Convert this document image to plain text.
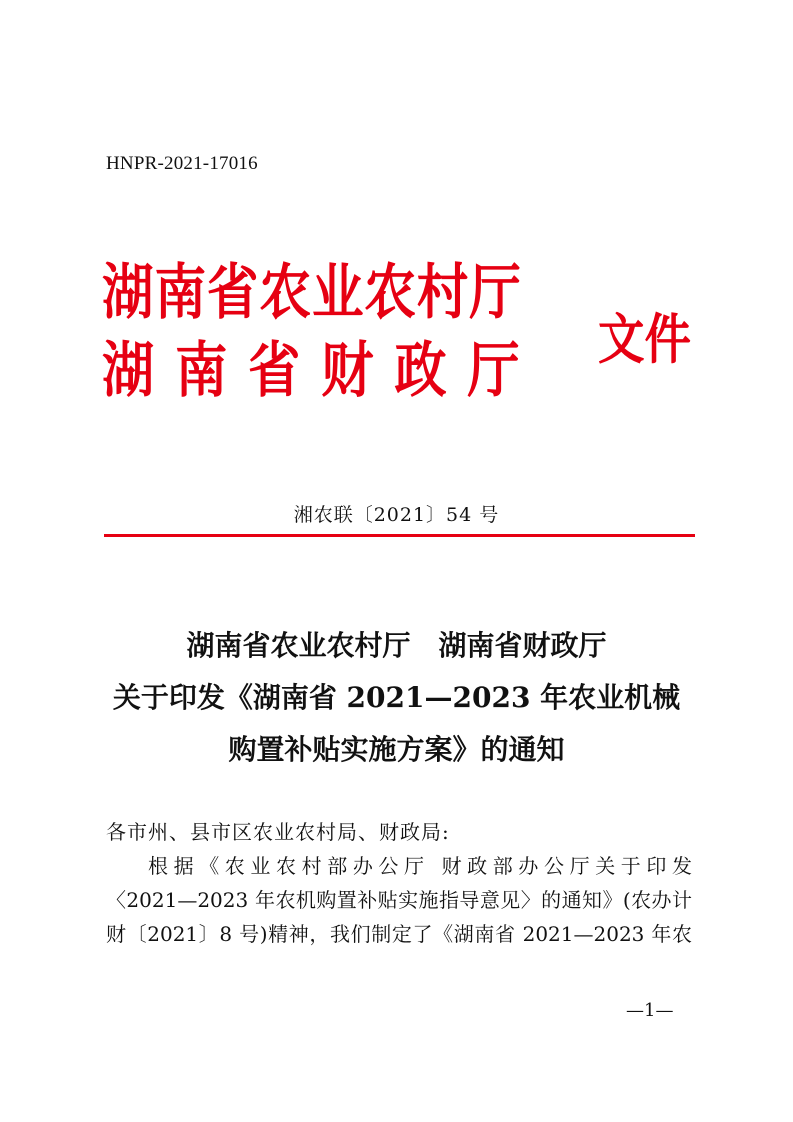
HNPR-2021-17016
湖南省农业农村厅
湖南省财政厅 文件
湘农联〔2021〕54 号
湖南省农业农村厅　湖南省财政厅
关于印发《湖南省 2021—2023 年农业机械
购置补贴实施方案》的通知
各市州、县市区农业农村局、财政局:
根据《农业农村部办公厅 财政部办公厅关于印发
〈2021—2023 年农机购置补贴实施指导意见〉的通知》(农办计
财〔2021〕8 号)精神，我们制定了《湖南省 2021—2023 年农
—1—
